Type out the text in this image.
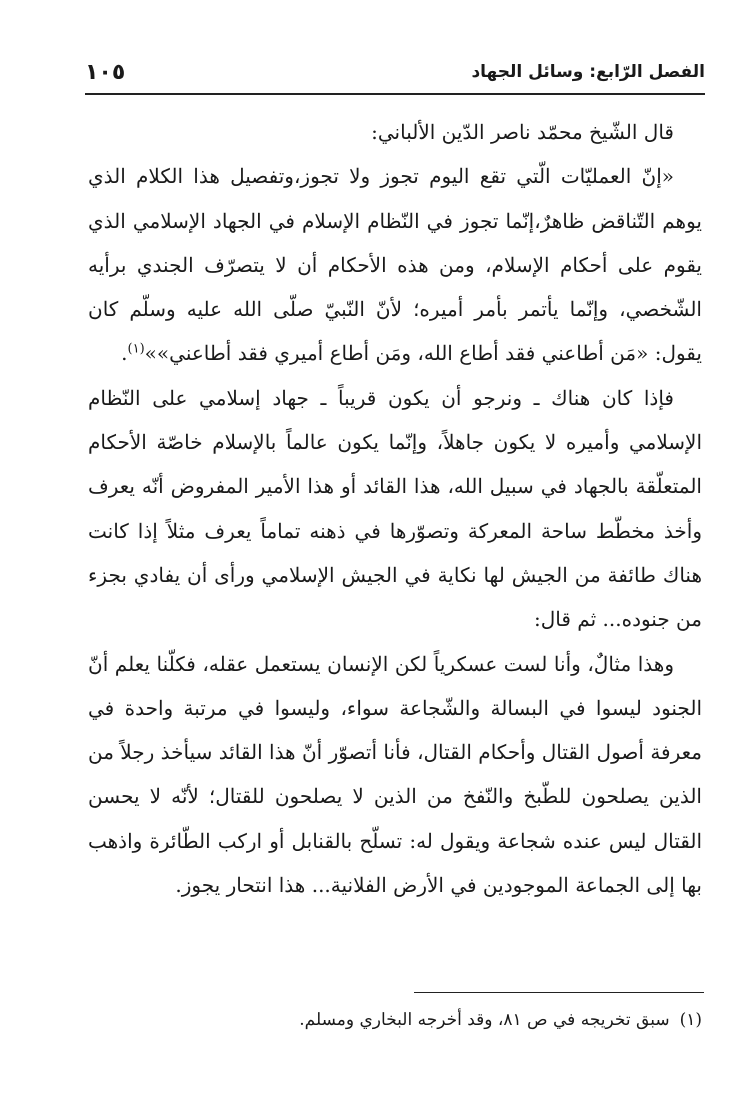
الفصل الرّابع: وسائل الجهاد
١٠٥

قال الشّيخ محمّد ناصر الدّين الألباني:

«إنّ العمليّات الّتي تقع اليوم تجوز ولا تجوز،وتفصيل هذا الكلام الذي يوهم التّناقض ظاهرٌ،إنّما تجوز في النّظام الإسلام في الجهاد الإسلامي الذي يقوم على أحكام الإسلام، ومن هذه الأحكام أن لا يتصرّف الجندي برأيه الشّخصي، وإنّما يأتمر بأمر أميره؛ لأنّ النّبيّ صلّى الله عليه وسلّم كان يقول: «مَن أطاعني فقد أطاع الله، ومَن أطاع أميري فقد أطاعني»»$^{(١)}$.

فإذا كان هناك ـ ونرجو أن يكون قريباً ـ جهاد إسلامي على النّظام الإسلامي وأميره لا يكون جاهلاً، وإنّما يكون عالماً بالإسلام خاصّة الأحكام المتعلّقة بالجهاد في سبيل الله، هذا القائد أو هذا الأمير المفروض أنّه يعرف وأخذ مخطّط ساحة المعركة وتصوّرها في ذهنه تماماً يعرف مثلاً إذا كانت هناك طائفة من الجيش لها نكاية في الجيش الإسلامي ورأى أن يفادي بجزء من جنوده... ثم قال:

وهذا مثالٌ، وأنا لست عسكرياً لكن الإنسان يستعمل عقله، فكلّنا يعلم أنّ الجنود ليسوا في البسالة والشّجاعة سواء، وليسوا في مرتبة واحدة في معرفة أصول القتال وأحكام القتال، فأنا أتصوّر أنّ هذا القائد سيأخذ رجلاً من الذين يصلحون للطّبخ والنّفخ من الذين لا يصلحون للقتال؛ لأنّه لا يحسن القتال ليس عنده شجاعة ويقول له: تسلّح بالقنابل أو اركب الطّائرة واذهب بها إلى الجماعة الموجودين في الأرض الفلانية... هذا انتحار يجوز.

(١)سبق تخريجه في ص ٨١، وقد أخرجه البخاري ومسلم.
